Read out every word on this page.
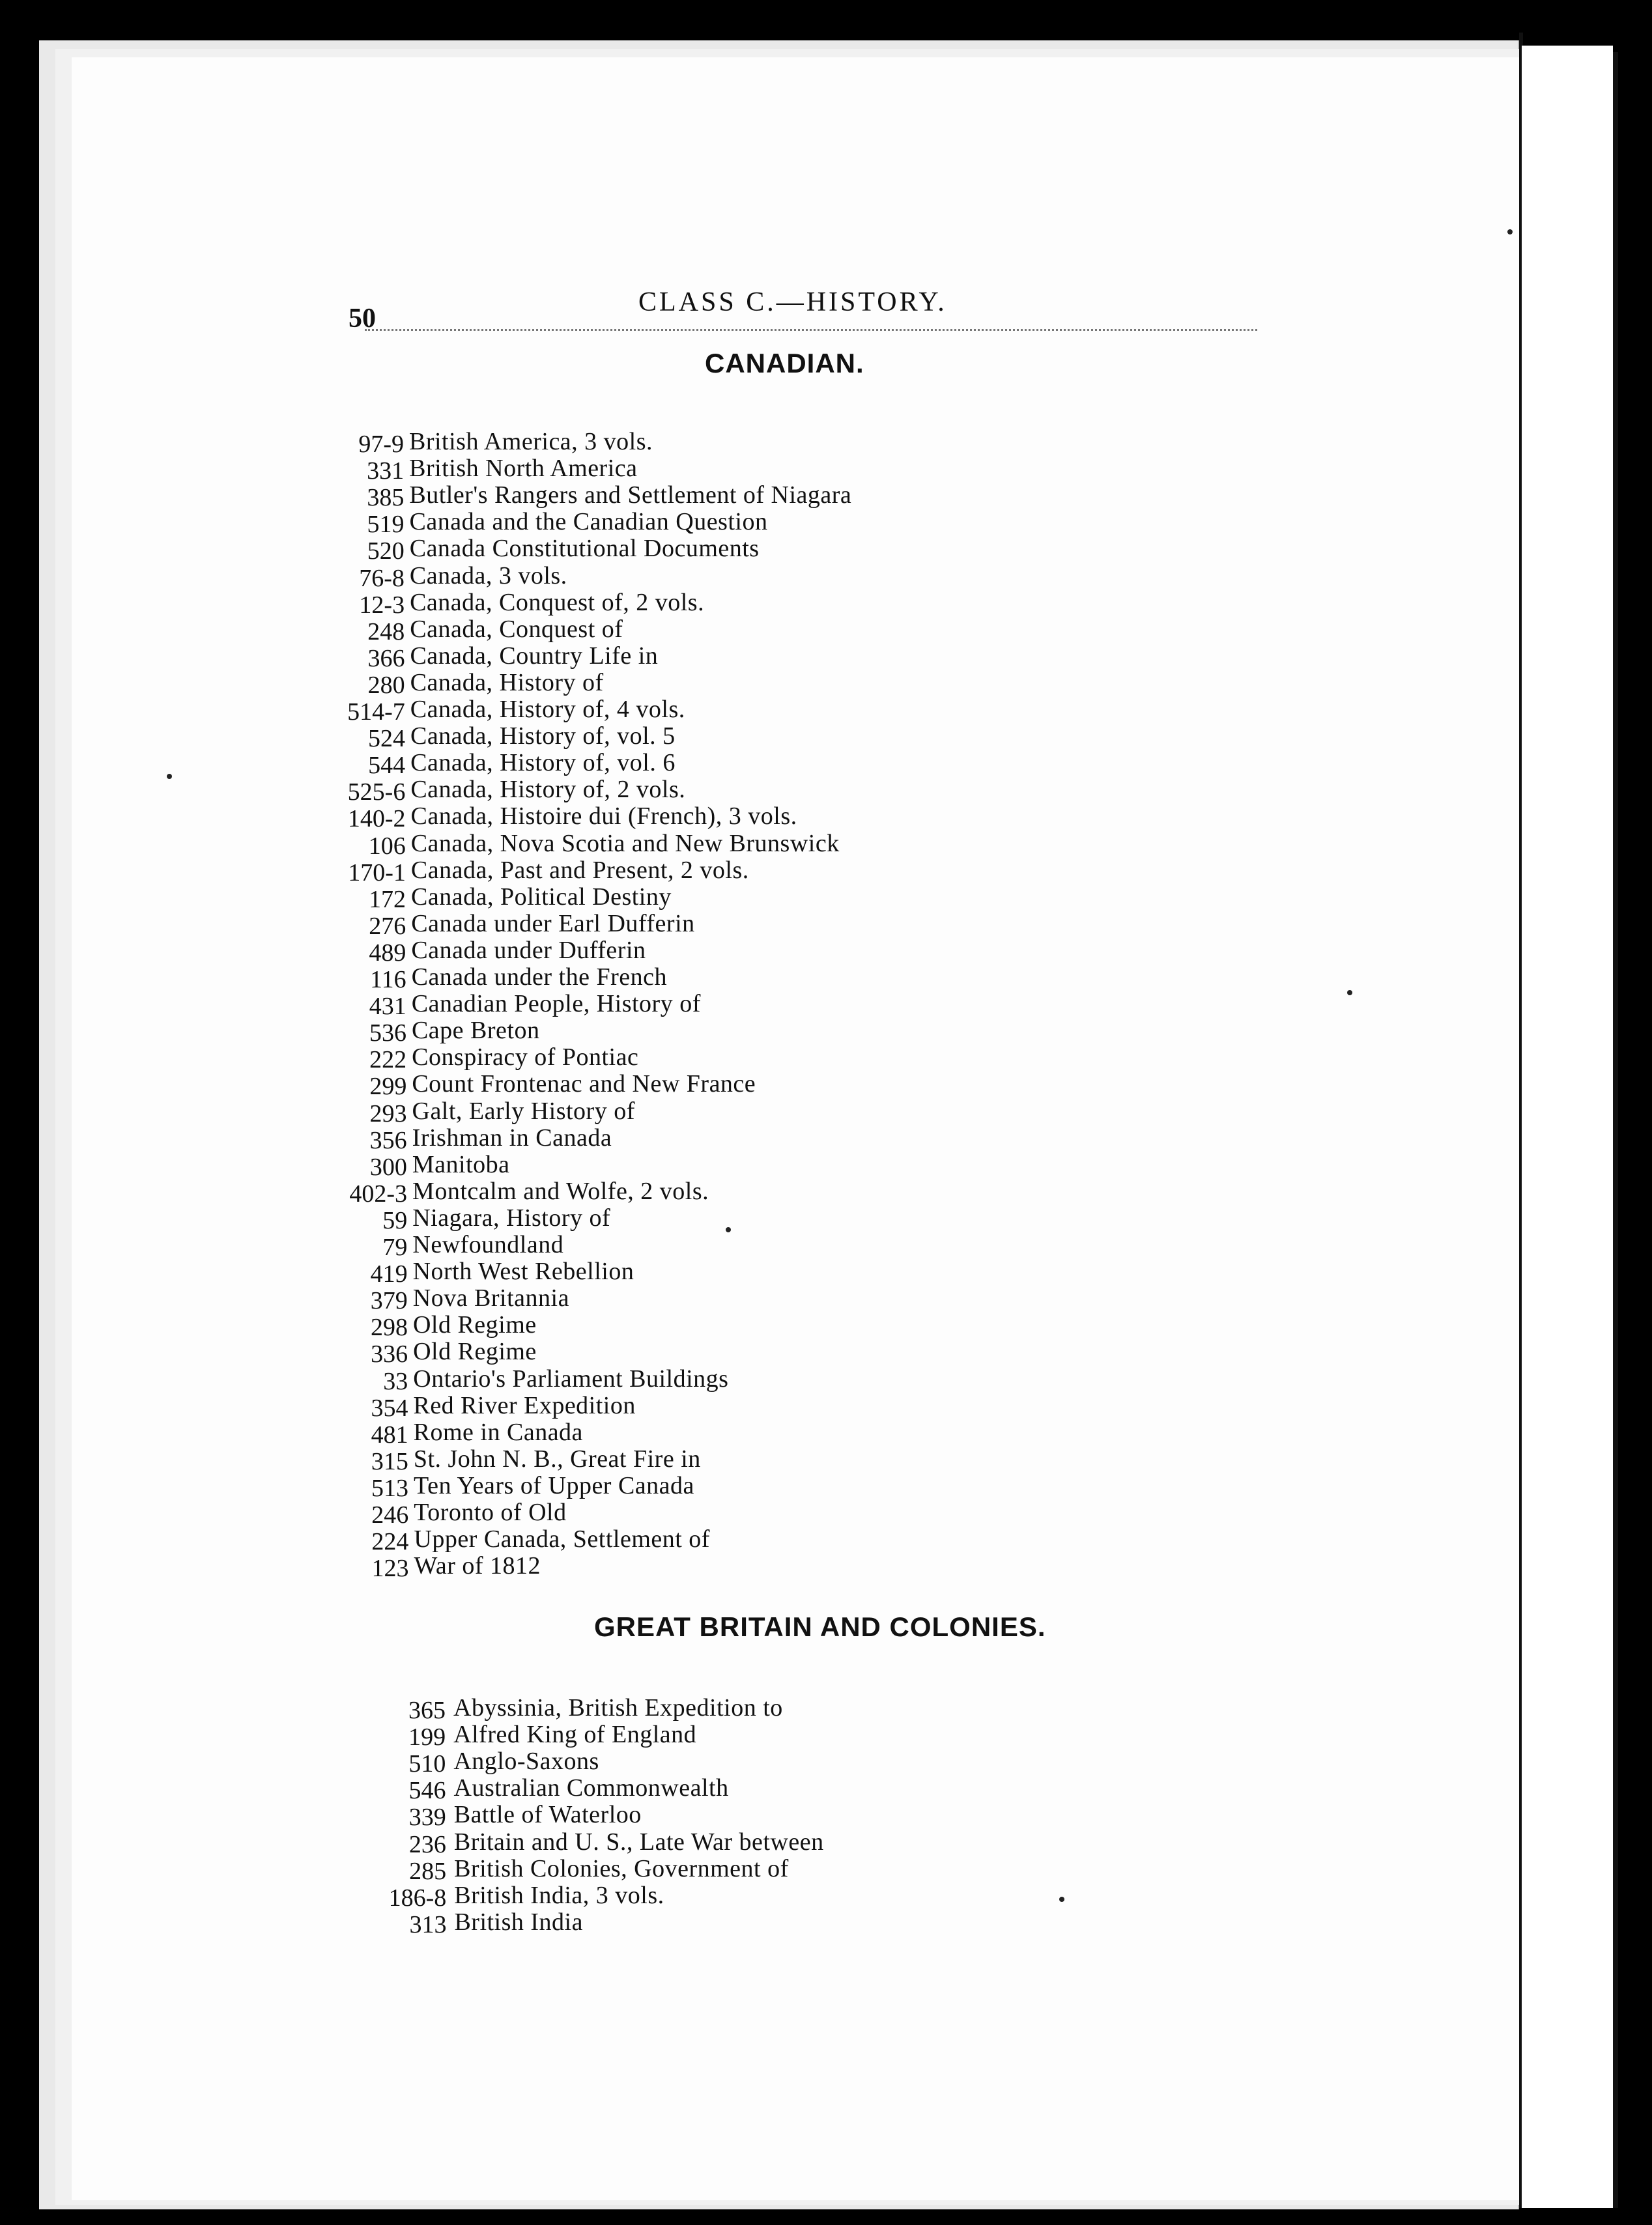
50
CLASS C.—HISTORY.
CANADIAN.
GREAT BRITAIN AND COLONIES.
97-9 British America, 3 vols.
331 British North America
385 Butler's Rangers and Settlement of Niagara
519 Canada and the Canadian Question
520 Canada Constitutional Documents
76-8 Canada, 3 vols.
12-3 Canada, Conquest of, 2 vols.
248 Canada, Conquest of
366 Canada, Country Life in
280 Canada, History of
514-7 Canada, History of, 4 vols.
524 Canada, History of, vol. 5
544 Canada, History of, vol. 6
525-6 Canada, History of, 2 vols.
140-2 Canada, Histoire dui (French), 3 vols.
106 Canada, Nova Scotia and New Brunswick
170-1 Canada, Past and Present, 2 vols.
172 Canada, Political Destiny
276 Canada under Earl Dufferin
489 Canada under Dufferin
116 Canada under the French
431 Canadian People, History of
536 Cape Breton
222 Conspiracy of Pontiac
299 Count Frontenac and New France
293 Galt, Early History of
356 Irishman in Canada
300 Manitoba
402-3 Montcalm and Wolfe, 2 vols.
59 Niagara, History of
79 Newfoundland
419 North West Rebellion
379 Nova Britannia
298 Old Regime
336 Old Regime
33 Ontario's Parliament Buildings
354 Red River Expedition
481 Rome in Canada
315 St. John N. B., Great Fire in
513 Ten Years of Upper Canada
246 Toronto of Old
224 Upper Canada, Settlement of
123 War of 1812
365 Abyssinia, British Expedition to
199 Alfred King of England
510 Anglo-Saxons
546 Australian Commonwealth
339 Battle of Waterloo
236 Britain and U. S., Late War between
285 British Colonies, Government of
186-8 British India, 3 vols.
313 British India
